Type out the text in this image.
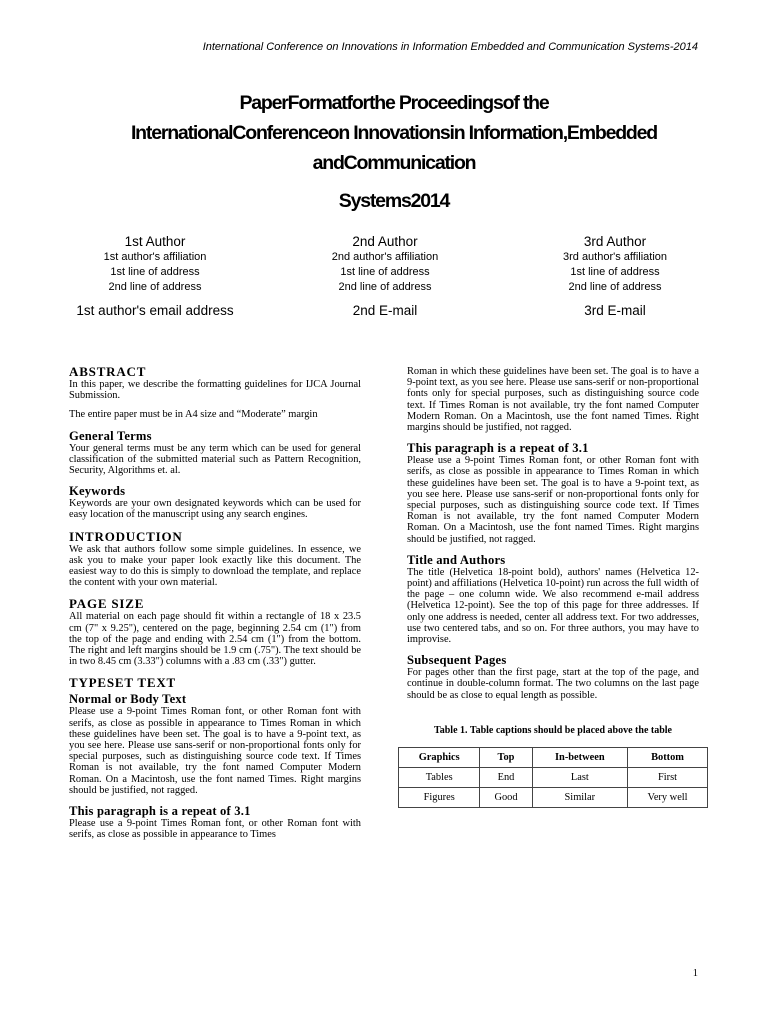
International Conference on Innovations in Information Embedded and Communication Systems-2014
PaperFormatforthe Proceedingsof the
InternationalConferenceon Innovationsin Information,Embedded
andCommunication
Systems2014
1st Author
1st author's affiliation
1st line of address
2nd line of address
1st author's email address
2nd Author
2nd author's affiliation
1st line of address
2nd line of address
2nd E-mail
3rd Author
3rd author's affiliation
1st line of address
2nd line of address
3rd E-mail
ABSTRACT

In this paper, we describe the formatting guidelines for IJCA Journal Submission.

The entire paper must be in A4 size and “Moderate” margin

General Terms

Your general terms must be any term which can be used for general classification of the submitted material such as Pattern Recognition, Security, Algorithms et. al.

Keywords

Keywords are your own designated keywords which can be used for easy location of the manuscript using any search engines.

INTRODUCTION

We ask that authors follow some simple guidelines. In essence, we ask you to make your paper look exactly like this document. The easiest way to do this is simply to download the template, and replace the content with your own material.

PAGE SIZE

All material on each page should fit within a rectangle of 18 x 23.5 cm (7" x 9.25"), centered on the page, beginning 2.54 cm (1") from the top of the page and ending with 2.54 cm (1") from the bottom. The right and left margins should be 1.9 cm (.75"). The text should be in two 8.45 cm (3.33") columns with a .83 cm (.33") gutter.

TYPESET TEXT
Normal or Body Text

Please use a 9-point Times Roman font, or other Roman font with serifs, as close as possible in appearance to Times Roman in which these guidelines have been set. The goal is to have a 9-point text, as you see here. Please use sans-serif or non-proportional fonts only for special purposes, such as distinguishing source code text. If Times Roman is not available, try the font named Computer Modern Roman. On a Macintosh, use the font named Times. Right margins should be justified, not ragged.

This paragraph is a repeat of 3.1

Please use a 9-point Times Roman font, or other Roman font with serifs, as close as possible in appearance to Times

Roman in which these guidelines have been set. The goal is to have a 9-point text, as you see here. Please use sans-serif or non-proportional fonts only for special purposes, such as distinguishing source code text. If Times Roman is not available, try the font named Computer Modern Roman. On a Macintosh, use the font named Times. Right margins should be justified, not ragged.

This paragraph is a repeat of 3.1

Please use a 9-point Times Roman font, or other Roman font with serifs, as close as possible in appearance to Times Roman in which these guidelines have been set. The goal is to have a 9-point text, as you see here. Please use sans-serif or non-proportional fonts only for special purposes, such as distinguishing source code text. If Times Roman is not available, try the font named Computer Modern Roman. On a Macintosh, use the font named Times. Right margins should be justified, not ragged.

Title and Authors

The title (Helvetica 18-point bold), authors' names (Helvetica 12-point) and affiliations (Helvetica 10-point) run across the full width of the page – one column wide. We also recommend e-mail address (Helvetica 12-point). See the top of this page for three addresses. If only one address is needed, center all address text. For two addresses, use two centered tabs, and so on. For three authors, you may have to improvise.

Subsequent Pages

For pages other than the first page, start at the top of the page, and continue in double-column format. The two columns on the last page should be as close to equal length as possible.

Table 1. Table captions should be placed above the table
Graphics	Top	In-between	Bottom
Tables	End	Last	First
Figures	Good	Similar	Very well
1
